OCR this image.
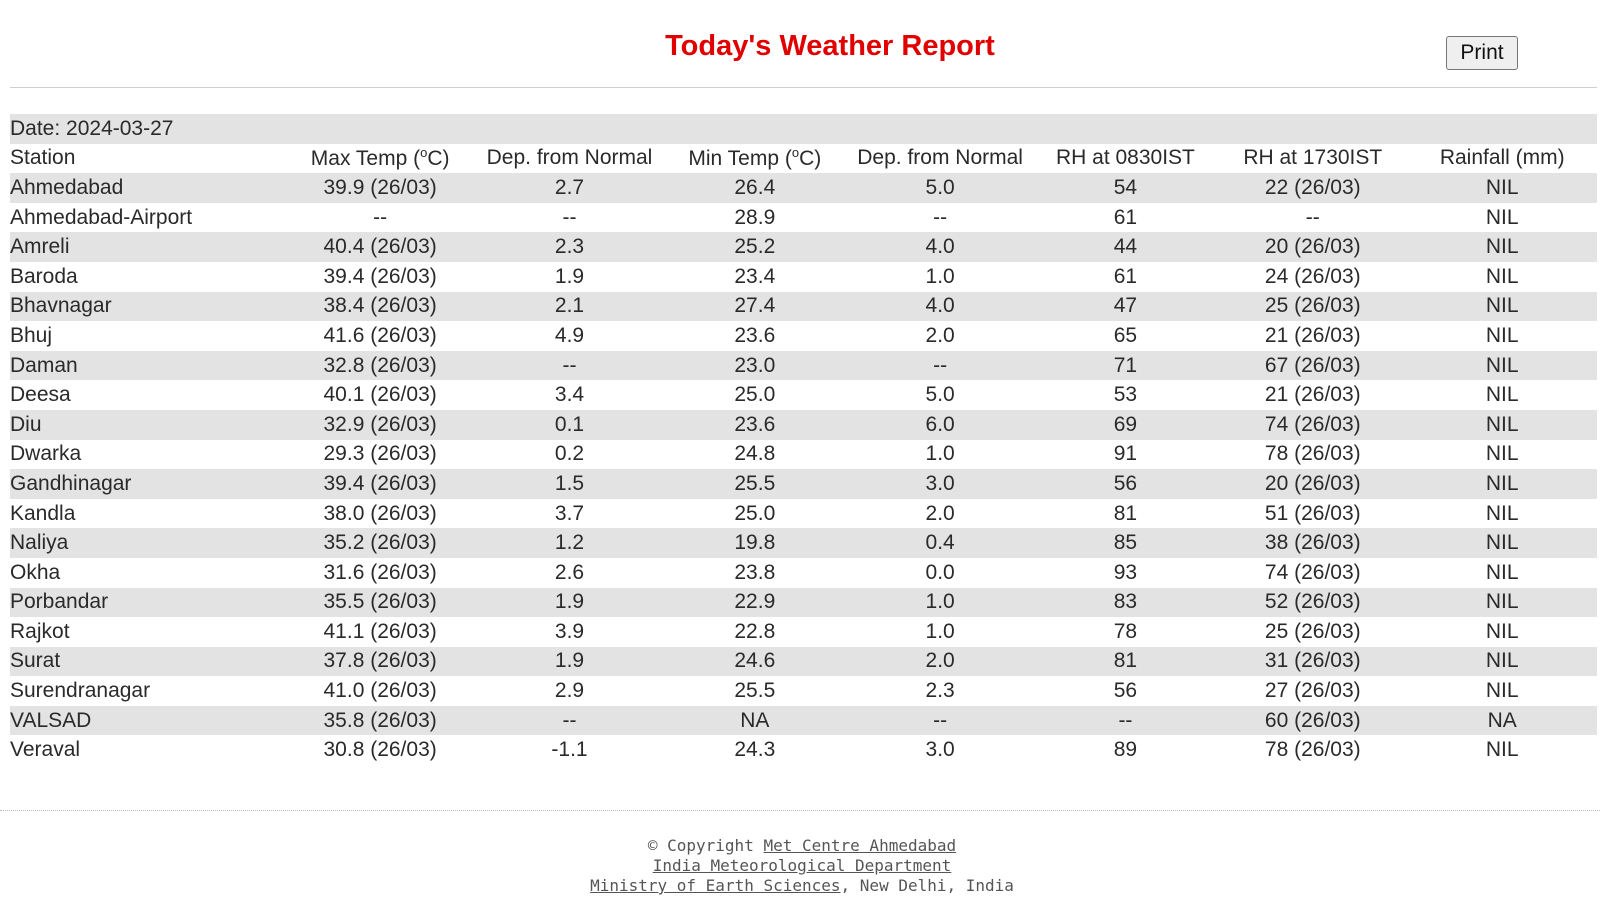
Today's Weather Report	Print
Date: 2024-03-27							
Station	Max Temp ($^o$C)	Dep. from Normal	Min Temp ($^o$C)	Dep. from Normal	RH at 0830IST	RH at 1730IST	Rainfall (mm)
Ahmedabad	39.9 (26/03)	2.7	26.4	5.0	54	22 (26/03)	NIL
Ahmedabad-Airport	--	--	28.9	--	61	--	NIL
Amreli	40.4 (26/03)	2.3	25.2	4.0	44	20 (26/03)	NIL
Baroda	39.4 (26/03)	1.9	23.4	1.0	61	24 (26/03)	NIL
Bhavnagar	38.4 (26/03)	2.1	27.4	4.0	47	25 (26/03)	NIL
Bhuj	41.6 (26/03)	4.9	23.6	2.0	65	21 (26/03)	NIL
Daman	32.8 (26/03)	--	23.0	--	71	67 (26/03)	NIL
Deesa	40.1 (26/03)	3.4	25.0	5.0	53	21 (26/03)	NIL
Diu	32.9 (26/03)	0.1	23.6	6.0	69	74 (26/03)	NIL
Dwarka	29.3 (26/03)	0.2	24.8	1.0	91	78 (26/03)	NIL
Gandhinagar	39.4 (26/03)	1.5	25.5	3.0	56	20 (26/03)	NIL
Kandla	38.0 (26/03)	3.7	25.0	2.0	81	51 (26/03)	NIL
Naliya	35.2 (26/03)	1.2	19.8	0.4	85	38 (26/03)	NIL
Okha	31.6 (26/03)	2.6	23.8	0.0	93	74 (26/03)	NIL
Porbandar	35.5 (26/03)	1.9	22.9	1.0	83	52 (26/03)	NIL
Rajkot	41.1 (26/03)	3.9	22.8	1.0	78	25 (26/03)	NIL
Surat	37.8 (26/03)	1.9	24.6	2.0	81	31 (26/03)	NIL
Surendranagar	41.0 (26/03)	2.9	25.5	2.3	56	27 (26/03)	NIL
VALSAD	35.8 (26/03)	--	NA	--	--	60 (26/03)	NA
Veraval	30.8 (26/03)	-1.1	24.3	3.0	89	78 (26/03)	NIL
© Copyright Met Centre Ahmedabad
India Meteorological Department
Ministry of Earth Sciences, New Delhi, India
